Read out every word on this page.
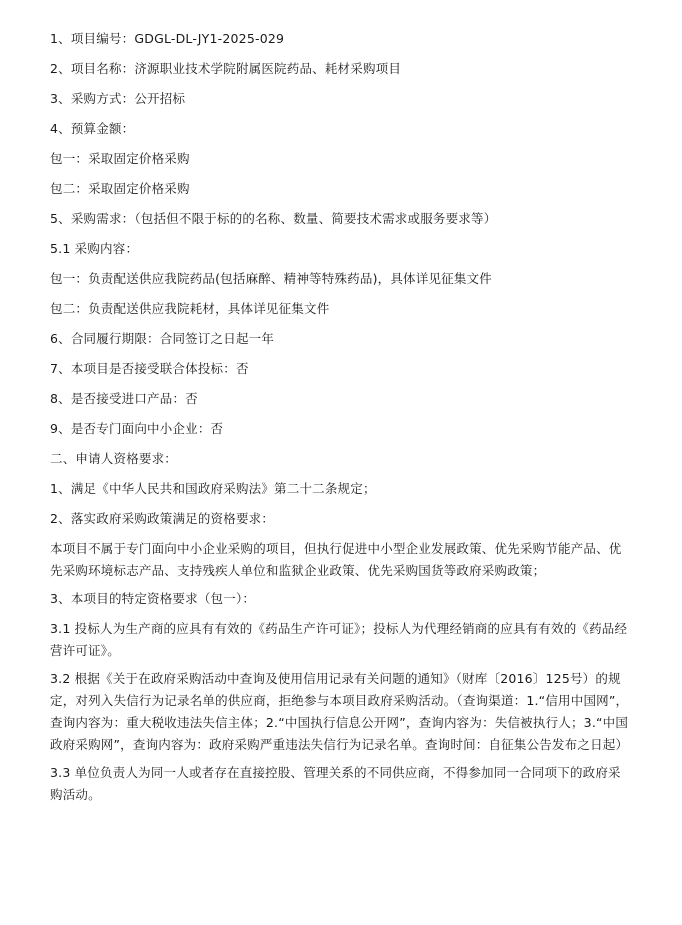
1、项目编号：GDGL-DL-JY1-2025-029

2、项目名称：济源职业技术学院附属医院药品、耗材采购项目

3、采购方式：公开招标

4、预算金额：

包一：采取固定价格采购

包二：采取固定价格采购

5、采购需求：（包括但不限于标的的名称、数量、简要技术需求或服务要求等）

5.1 采购内容：

包一：负责配送供应我院药品(包括麻醉、精神等特殊药品)，具体详见征集文件

包二：负责配送供应我院耗材，具体详见征集文件

6、合同履行期限：合同签订之日起一年

7、本项目是否接受联合体投标：否

8、是否接受进口产品：否

9、是否专门面向中小企业：否

二、申请人资格要求：

1、满足《中华人民共和国政府采购法》第二十二条规定；

2、落实政府采购政策满足的资格要求：

本项目不属于专门面向中小企业采购的项目，但执行促进中小型企业发展政策、优先采购节能产品、优先采购环境标志产品、支持残疾人单位和监狱企业政策、优先采购国货等政府采购政策；

3、本项目的特定资格要求（包一）：

3.1 投标人为生产商的应具有有效的《药品生产许可证》；投标人为代理经销商的应具有有效的《药品经营许可证》。

3.2 根据《关于在政府采购活动中查询及使用信用记录有关问题的通知》（财库〔2016〕125号）的规定，对列入失信行为记录名单的供应商，拒绝参与本项目政府采购活动。（查询渠道：1.“信用中国网”，查询内容为：重大税收违法失信主体；2.“中国执行信息公开网”，查询内容为：失信被执行人；3.“中国政府采购网”，查询内容为：政府采购严重违法失信行为记录名单。查询时间：自征集公告发布之日起）

3.3 单位负责人为同一人或者存在直接控股、管理关系的不同供应商，不得参加同一合同项下的政府采购活动。
